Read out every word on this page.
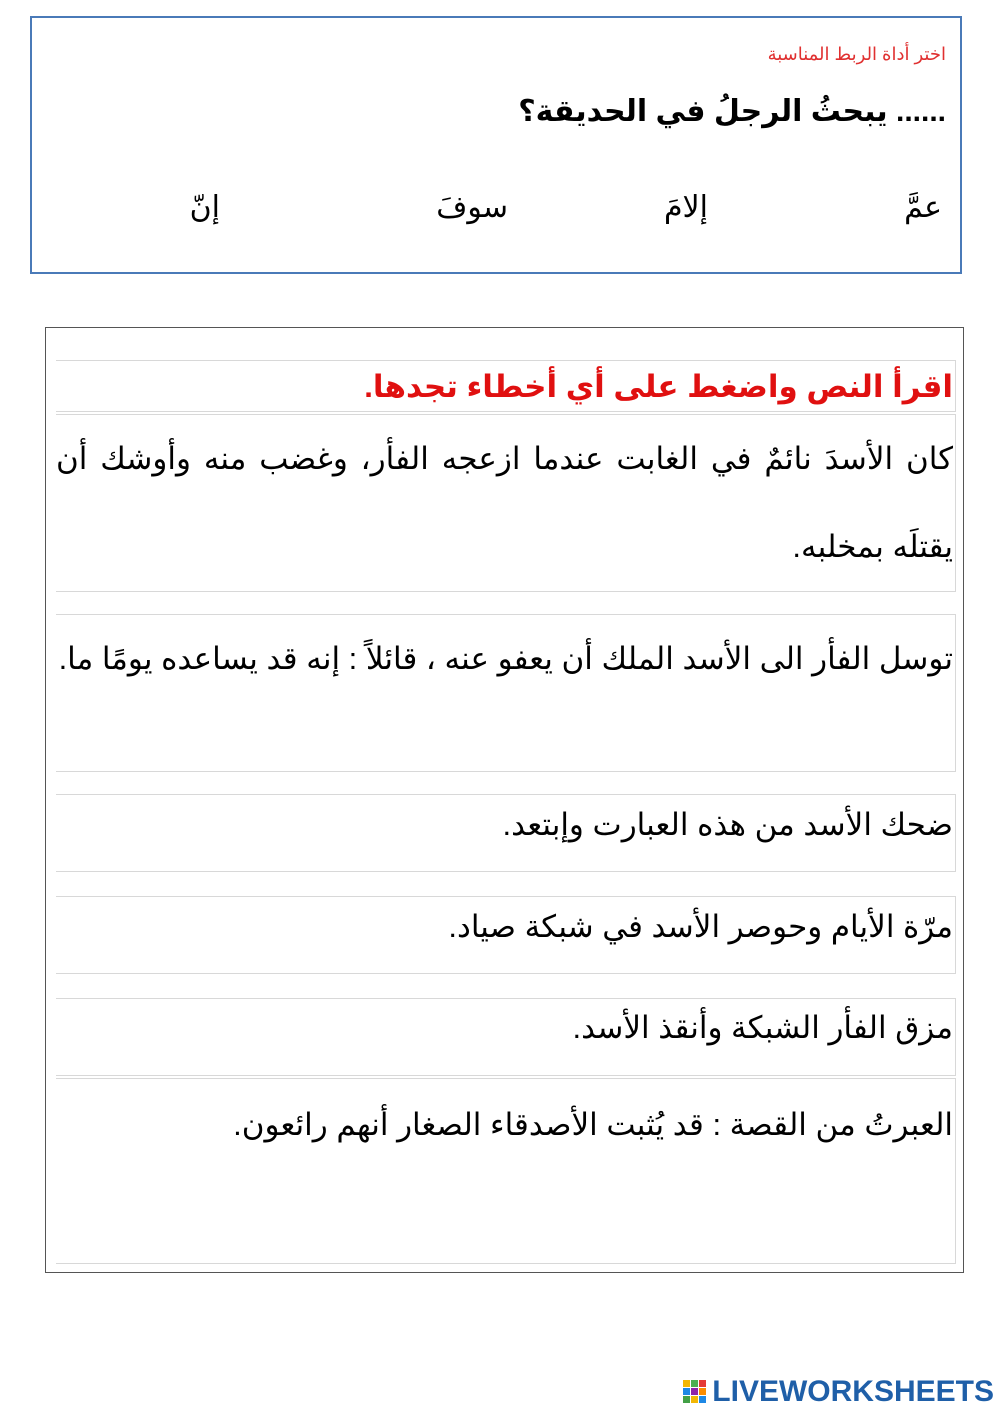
اختر أداة الربط المناسبة
...... يبحثُ الرجلُ في الحديقة؟
عمَّ
إلامَ
سوفَ
إنّ
اقرأ النص واضغط على أي أخطاء تجدها.
كان الأسدَ نائمٌ في الغابت عندما ازعجه الفأر، وغضب منه وأوشك أن يقتلَه بمخلبه.
توسل الفأر الى الأسد الملك أن يعفو عنه ، قائلاً : إنه قد يساعده يومًا ما.
ضحك الأسد من هذه العبارت وإبتعد.
مرّة الأيام وحوصر الأسد في شبكة صياد.
مزق الفأر الشبكة وأنقذ الأسد.
العبرتُ من القصة : قد يُثبت الأصدقاء الصغار أنهم رائعون.
LIVEWORKSHEETS
